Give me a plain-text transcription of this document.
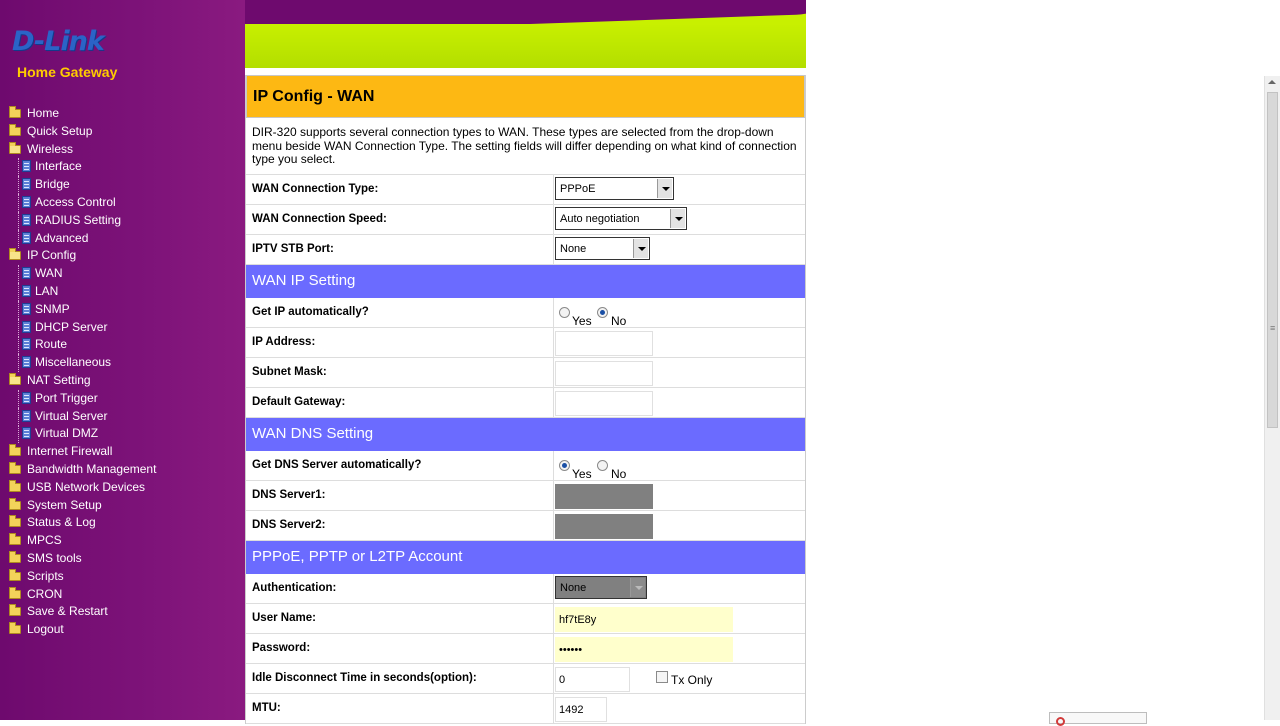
D-Link
Home Gateway
Home
Quick Setup
Wireless
Interface
Bridge
Access Control
RADIUS Setting
Advanced
IP Config
WAN
LAN
SNMP
DHCP Server
Route
Miscellaneous
NAT Setting
Port Trigger
Virtual Server
Virtual DMZ
Internet Firewall
Bandwidth Management
USB Network Devices
System Setup
Status & Log
MPCS
SMS tools
Scripts
CRON
Save & Restart
Logout
IP Config - WAN
DIR-320 supports several connection types to WAN. These types are selected from the drop-down menu beside WAN Connection Type. The setting fields will differ depending on what kind of connection type you select.
WAN Connection Type:	PPPoE
WAN Connection Speed:	Auto negotiation
IPTV STB Port:	None
WAN IP Setting
Get IP automatically?
Yes No
IP Address:
Subnet Mask:
Default Gateway:
WAN DNS Setting
Get DNS Server automatically?
Yes No
DNS Server1:
DNS Server2:
PPPoE, PPTP or L2TP Account
Authentication:	None
User Name:	hf7tE8y
Password:	••••••
Idle Disconnect Time in seconds(option):	0	Tx Only
MTU:	1492
≡
